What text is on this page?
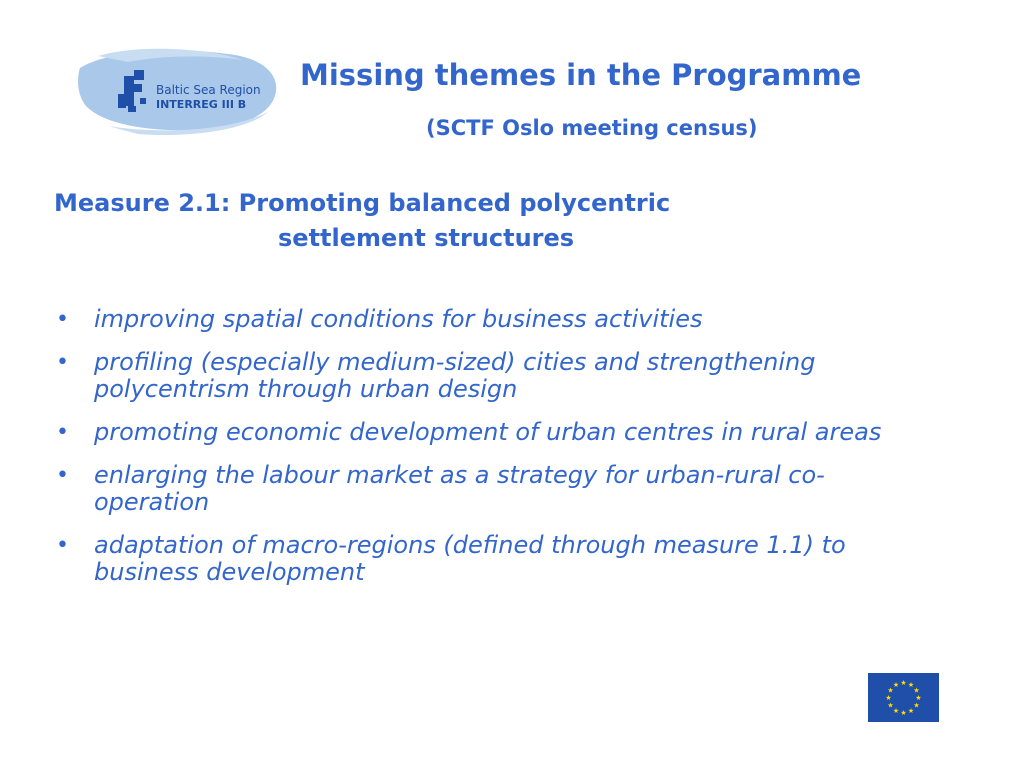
Baltic Sea Region
INTERREG III B
Missing themes in the Programme
(SCTF Oslo meeting census)
Measure 2.1: Promoting balanced polycentric
settlement structures
• improving spatial conditions for business activities
• profiling (especially medium-sized) cities and strengthening polycentrism through urban design
• promoting economic development of urban centres in rural areas
• enlarging the labour market as a strategy for urban-rural co-operation
• adaptation of macro-regions (defined through measure 1.1) to business development
★ ★
★
★
★
★
★
★
★
★
★
★
